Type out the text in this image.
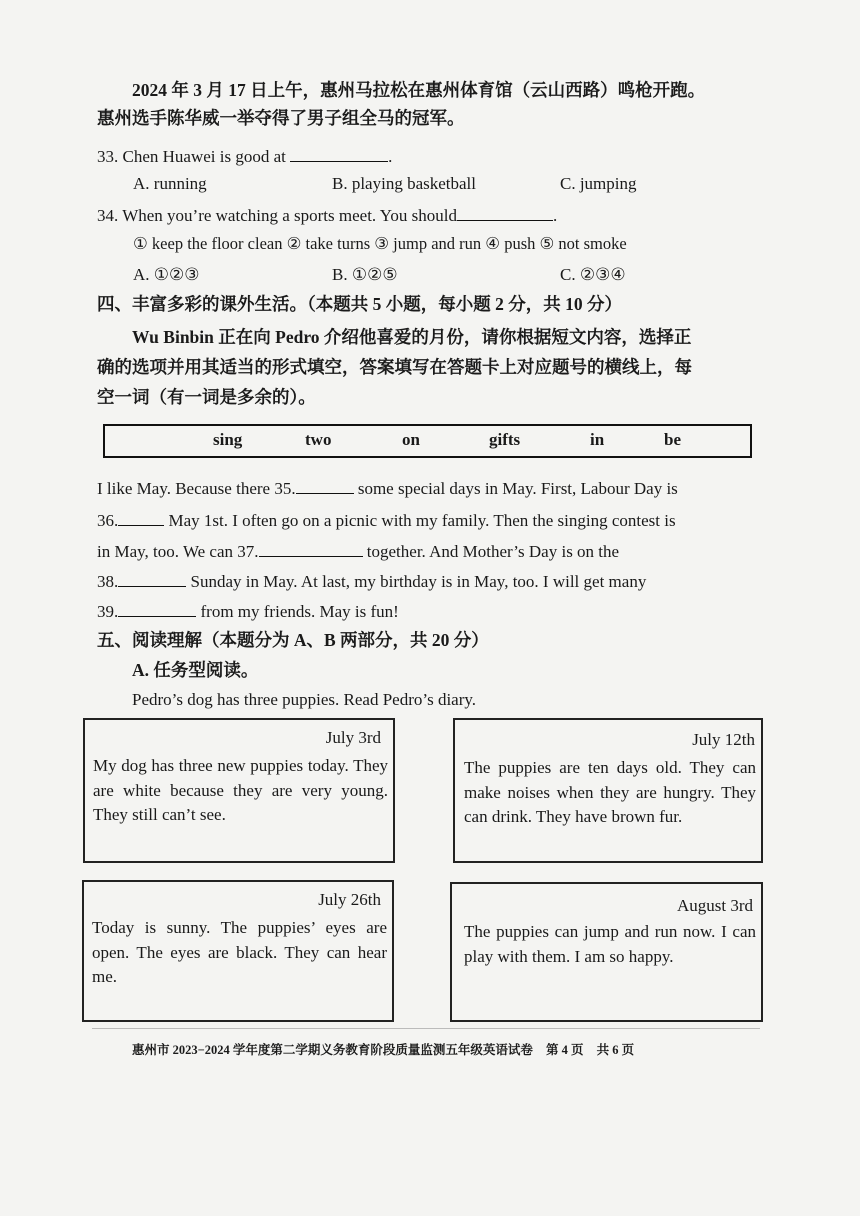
2024 年 3 月 17 日上午，惠州马拉松在惠州体育馆（云山西路）鸣枪开跑。
惠州选手陈华威一举夺得了男子组全马的冠军。
33. Chen Huawei is good at	.
A. running	B. playing basketball	C. jumping
34. When you’re watching a sports meet. You should	.
① keep the floor clean ② take turns ③ jump and run ④ push ⑤ not smoke
A. ①②③	B. ①②⑤	C. ②③④
四、丰富多彩的课外生活。（本题共 5 小题，每小题 2 分，共 10 分）
Wu Binbin 正在向 Pedro 介绍他喜爱的月份，请你根据短文内容，选择正
确的选项并用其适当的形式填空，答案填写在答题卡上对应题号的横线上，每
空一词（有一词是多余的）。
sing	two	on	gifts	in	be
I like May. Because there 35.	some special days in May. First, Labour Day is
36.	May 1st. I often go on a picnic with my family. Then the singing contest is
in May, too. We can 37.	together. And Mother’s Day is on the
38.	Sunday in May. At last, my birthday is in May, too. I will get many
39.	from my friends. May is fun!
五、阅读理解（本题分为 A、B 两部分，共 20 分）
A. 任务型阅读。
Pedro’s dog has three puppies. Read Pedro’s diary.
July 3rd
My dog has three new puppies today. They are white because they are very young. They still can’t see.
July 12th
The puppies are ten days old. They can make noises when they are hungry. They can drink. They have brown fur.
July 26th
Today is sunny. The puppies’ eyes are open. The eyes are black. They can hear me.
August 3rd
The puppies can jump and run now. I can play with them. I am so happy.
惠州市 2023−2024 学年度第二学期义务教育阶段质量监测五年级英语试卷 第 4 页 共 6 页
